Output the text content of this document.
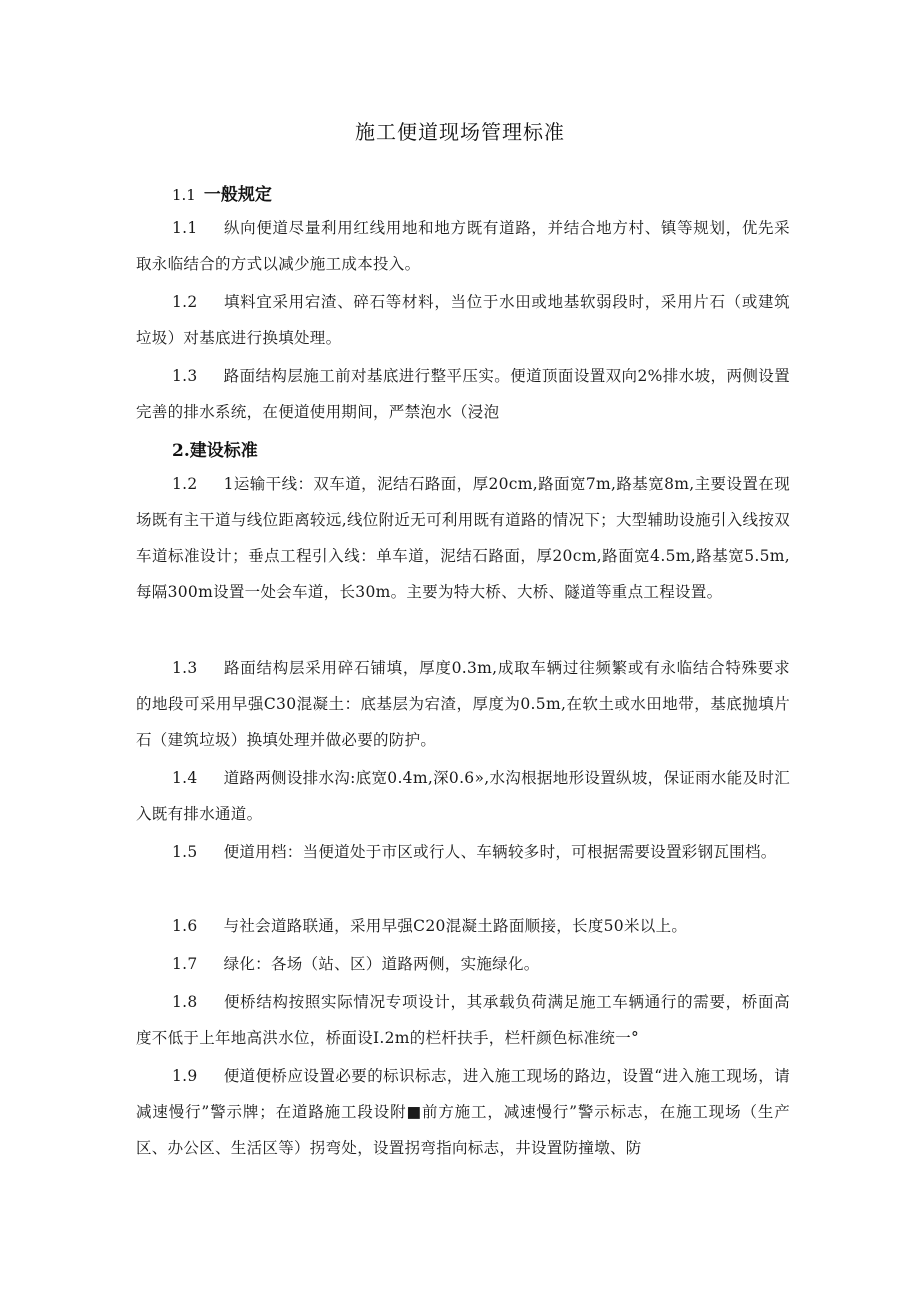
施工便道现场管理标准
1.1 一般规定
1.1 纵向便道尽量利用红线用地和地方既有道路，并结合地方村、镇等规划，优先采取永临结合的方式以减少施工成本投入。
1.2 填料宜采用宕渣、碎石等材料，当位于水田或地基软弱段时，采用片石（或建筑垃圾）对基底进行换填处理。
1.3 路面结构层施工前对基底进行整平压实。便道顶面设置双向2%排水坡，两侧设置完善的排水系统，在便道使用期间，严禁泡水（浸泡
2.建设标准
1.2 1运输干线：双车道，泥结石路面，厚20cm,路面宽7m,路基宽8m,主要设置在现场既有主干道与线位距离较远,线位附近无可利用既有道路的情况下；大型辅助设施引入线按双车道标准设计；垂点工程引入线：单车道，泥结石路面，厚20cm,路面宽4.5m,路基宽5.5m,每隔300m设置一处会车道，长30m。主要为特大桥、大桥、隧道等重点工程设置。
1.3 路面结构层采用碎石铺填，厚度0.3m,成取车辆过往频繁或有永临结合特殊要求的地段可采用早强C30混凝土：底基层为宕渣，厚度为0.5m,在软土或水田地带，基底抛填片石（建筑垃圾）换填处理并做必要的防护。
1.4 道路两侧设排水沟:底宽0.4m,深0.6»,水沟根据地形设置纵坡，保证雨水能及时汇入既有排水通道。
1.5 便道用档：当便道处于市区或行人、车辆较多时，可根据需要设置彩钢瓦围档。
1.6 与社会道路联通，采用早强C20混凝土路面顺接，长度50米以上。
1.7 绿化：各场（站、区）道路两侧，实施绿化。
1.8 便桥结构按照实际情况专项设计，其承载负荷满足施工车辆通行的需要，桥面高度不低于上年地高洪水位，桥面设I.2m的栏杆扶手，栏杆颜色标准统一°
1.9 便道便桥应设置必要的标识标志，进入施工现场的路边，设置“进入施工现场，请减速慢行”警示牌；在道路施工段设附■前方施工，减速慢行”警示标志，在施工现场（生产区、办公区、生活区等）拐弯处，设置拐弯指向标志，井设置防撞墩、防
